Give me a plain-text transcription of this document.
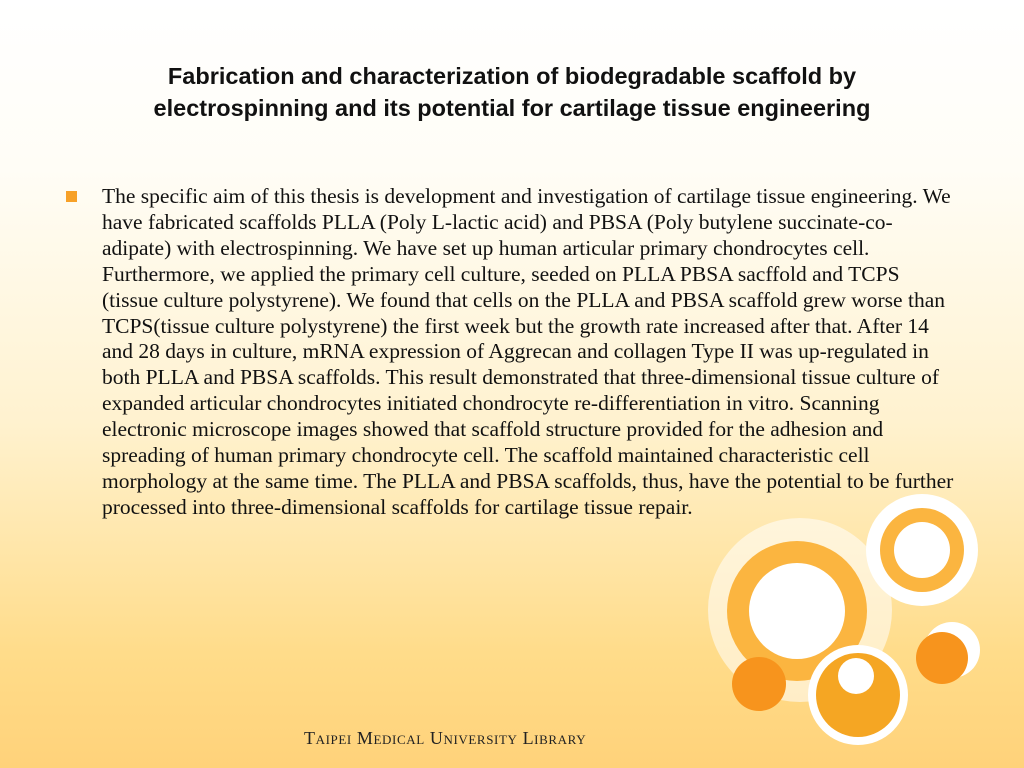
Fabrication and characterization of biodegradable scaffold by
electrospinning and its potential for cartilage tissue engineering

The specific aim of this thesis is development and investigation of cartilage tissue engineering. We have fabricated scaffolds PLLA (Poly L-lactic acid) and PBSA (Poly butylene succinate-co-adipate) with electrospinning. We have set up human articular primary chondrocytes cell. Furthermore, we applied the primary cell culture, seeded on PLLA PBSA sacffold and TCPS (tissue culture polystyrene). We found that cells on the PLLA and PBSA scaffold grew worse than TCPS(tissue culture polystyrene) the first week but the growth rate increased after that. After 14 and 28 days in culture, mRNA expression of Aggrecan and collagen Type II was up-regulated in both PLLA and PBSA scaffolds. This result demonstrated that three-dimensional tissue culture of expanded articular chondrocytes initiated chondrocyte re-differentiation in vitro. Scanning electronic microscope images showed that scaffold structure provided for the adhesion and spreading of human primary chondrocyte cell. The scaffold maintained characteristic cell morphology at the same time. The PLLA and PBSA scaffolds, thus, have the potential to be further processed into three-dimensional scaffolds for cartilage tissue repair.

Taipei Medical University Library
